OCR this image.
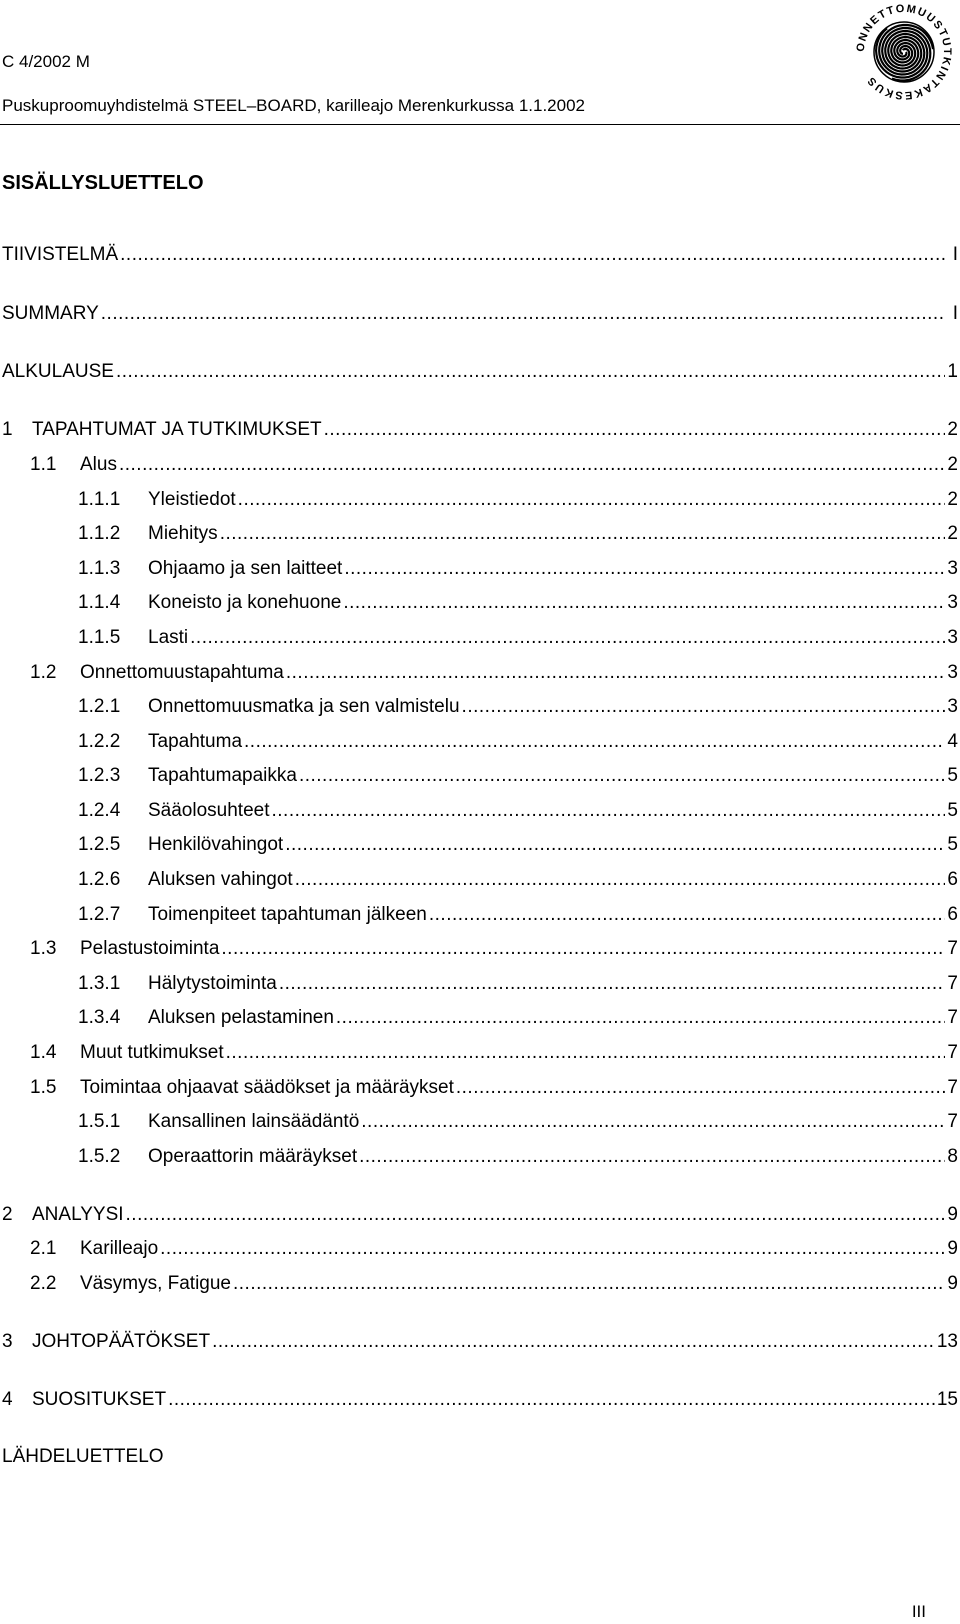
C 4/2002 M
Puskuproomuyhdistelmä STEEL–BOARD, karilleajo Merenkurkussa 1.1.2002
ONNETTOMUUSTUTKINTAKESKUS
SISÄLLYSLUETTELO
TIIVISTELMÄ .....	I
SUMMARY .....	I
ALKULAUSE .....	1
1	TAPAHTUMAT JA TUTKIMUKSET .....	2
1.1	Alus .....	2
1.1.1	Yleistiedot .....	2
1.1.2	Miehitys .....	2
1.1.3	Ohjaamo ja sen laitteet .....	3
1.1.4	Koneisto ja konehuone .....	3
1.1.5	Lasti .....	3
1.2	Onnettomuustapahtuma .....	3
1.2.1	Onnettomuusmatka ja sen valmistelu .....	3
1.2.2	Tapahtuma .....	4
1.2.3	Tapahtumapaikka .....	5
1.2.4	Sääolosuhteet .....	5
1.2.5	Henkilövahingot .....	5
1.2.6	Aluksen vahingot .....	6
1.2.7	Toimenpiteet tapahtuman jälkeen .....	6
1.3	Pelastustoiminta .....	7
1.3.1	Hälytystoiminta .....	7
1.3.4	Aluksen pelastaminen .....	7
1.4	Muut tutkimukset .....	7
1.5	Toimintaa ohjaavat säädökset ja määräykset .....	7
1.5.1	Kansallinen lainsäädäntö .....	7
1.5.2	Operaattorin määräykset .....	8
2	ANALYYSI .....	9
2.1	Karilleajo .....	9
2.2	Väsymys, Fatigue .....	9
3	JOHTOPÄÄTÖKSET .....	13
4	SUOSITUKSET .....	15
LÄHDELUETTELO
III
